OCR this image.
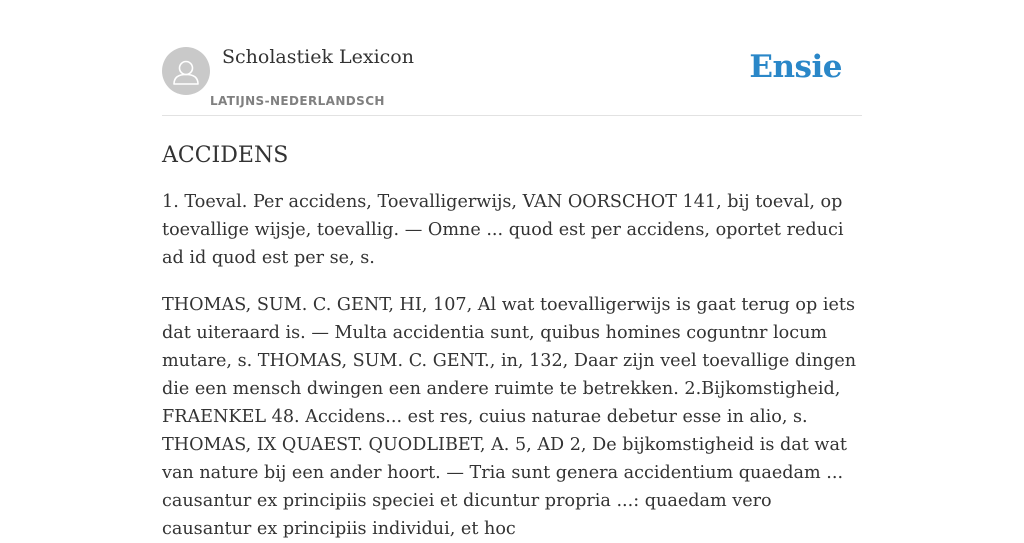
Scholastiek Lexicon
LATIJNS-NEDERLANDSCH
Ensie
ACCIDENS

1. Toeval. Per accidens, Toevalligerwijs, VAN OORSCHOT 141, bij toeval, op toevallige wijsje, toevallig. — Omne ... quod est per accidens, oportet reduci ad id quod est per se, s.

THOMAS, SUM. C. GENT, HI, 107, Al wat toevalligerwijs is gaat terug op iets dat uiteraard is. — Multa accidentia sunt, quibus homines coguntnr locum mutare, s. THOMAS, SUM. C. GENT., in, 132, Daar zijn veel toevallige dingen die een mensch dwingen een andere ruimte te betrekken. 2.Bijkomstigheid, FRAENKEL 48. Accidens... est res, cuius naturae debetur esse in alio, s. THOMAS, IX QUAEST. QUODLIBET, A. 5, AD 2, De bijkomstigheid is dat wat van nature bij een ander hoort. — Tria sunt genera accidentium quaedam ... causantur ex principiis speciei et dicuntur propria ...: quaedam vero causantur ex principiis individui, et hoc
